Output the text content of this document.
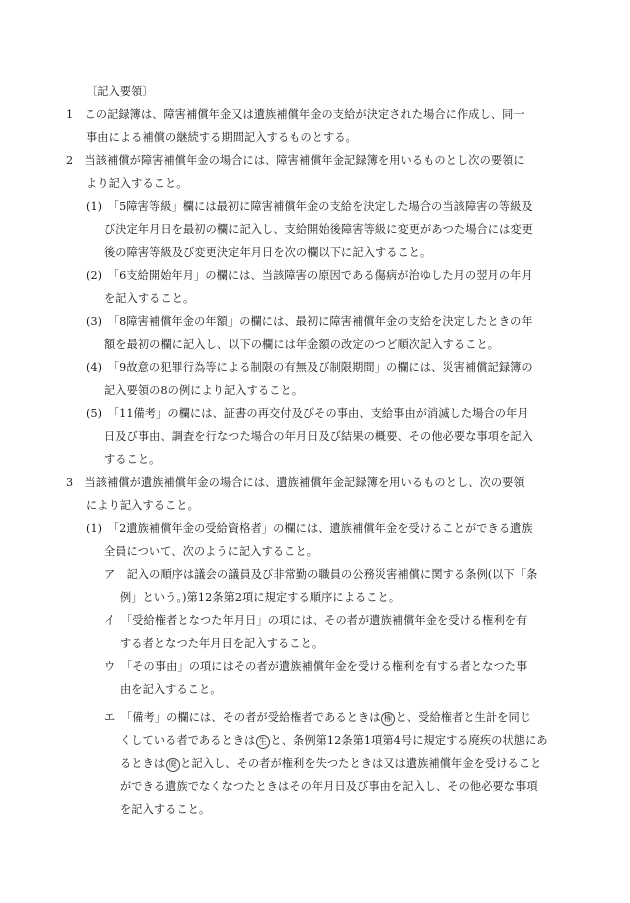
〔記入要領〕
1　この記録簿は、障害補償年金又は遺族補償年金の支給が決定された場合に作成し、同一
事由による補償の継続する期間記入するものとする。
2　当該補償が障害補償年金の場合には、障害補償年金記録簿を用いるものとし次の要領に
より記入すること。
(1)　「5障害等級」欄には最初に障害補償年金の支給を決定した場合の当該障害の等級及
び決定年月日を最初の欄に記入し、支給開始後障害等級に変更があつた場合には変更
後の障害等級及び変更決定年月日を次の欄以下に記入すること。
(2)　「6支給開始年月」の欄には、当該障害の原因である傷病が治ゆした月の翌月の年月
を記入すること。
(3)　「8障害補償年金の年額」の欄には、最初に障害補償年金の支給を決定したときの年
額を最初の欄に記入し、以下の欄には年金額の改定のつど順次記入すること。
(4)　「9故意の犯罪行為等による制限の有無及び制限期間」の欄には、災害補償記録簿の
記入要領の8の例により記入すること。
(5)　「11備考」の欄には、証書の再交付及びその事由、支給事由が消滅した場合の年月
日及び事由、調査を行なつた場合の年月日及び結果の概要、その他必要な事項を記入
すること。
3　当該補償が遺族補償年金の場合には、遺族補償年金記録簿を用いるものとし、次の要領
により記入すること。
(1)　「2遺族補償年金の受給資格者」の欄には、遺族補償年金を受けることができる遺族
全員について、次のように記入すること。
ア　記入の順序は議会の議員及び非常勤の職員の公務災害補償に関する条例(以下「条
例」という。)第12条第2項に規定する順序によること。
イ　「受給権者となつた年月日」の項には、その者が遺族補償年金を受ける権利を有
する者となつた年月日を記入すること。
ウ　「その事由」の項にはその者が遺族補償年金を受ける権利を有する者となつた事
由を記入すること。
エ　「備考」の欄には、その者が受給権者であるときは 権 と、受給権者と生計を同じ
くしている者であるときは 生 と、条例第12条第1項第4号に規定する廃疾の状態にあ
るときは 廃 と記入し、その者が権利を失つたときは又は遺族補償年金を受けること
ができる遺族でなくなつたときはその年月日及び事由を記入し、その他必要な事項
を記入すること。
